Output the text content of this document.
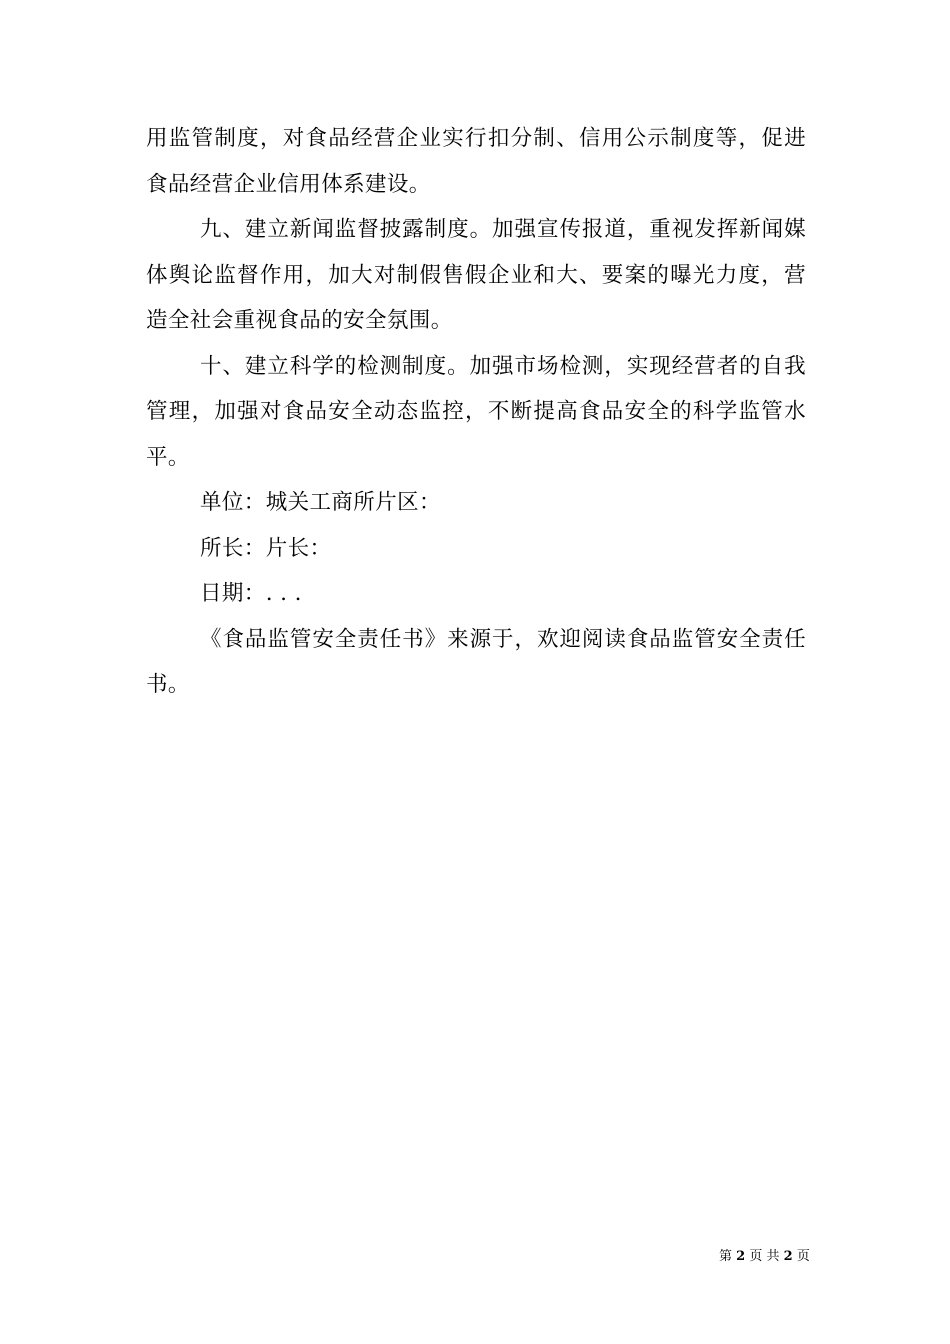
用监管制度，对食品经营企业实行扣分制、信用公示制度等，促进
食品经营企业信用体系建设。
九、建立新闻监督披露制度。加强宣传报道，重视发挥新闻媒
体舆论监督作用，加大对制假售假企业和大、要案的曝光力度，营
造全社会重视食品的安全氛围。
十、建立科学的检测制度。加强市场检测，实现经营者的自我
管理，加强对食品安全动态监控，不断提高食品安全的科学监管水
平。
单位：城关工商所片区：
所长：片长：
日期：. . .
《食品监管安全责任书》来源于，欢迎阅读食品监管安全责任
书。
第 2 页 共 2 页
